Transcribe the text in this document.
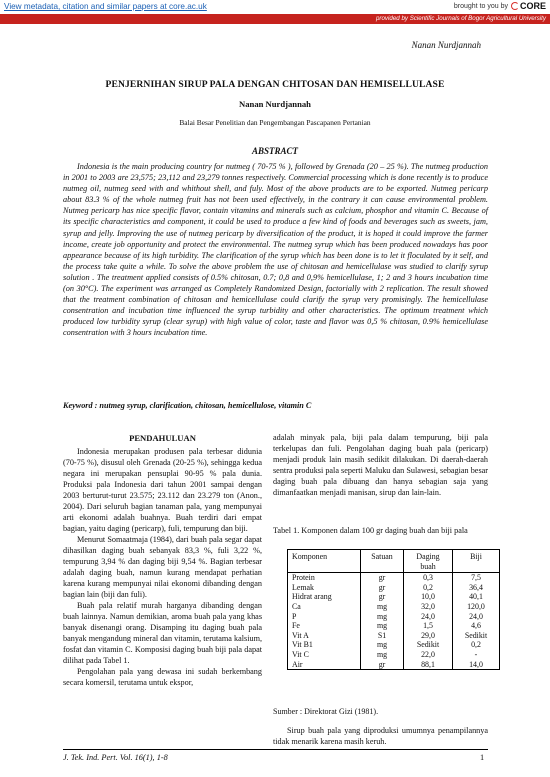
View metadata, citation and similar papers at core.ac.uk	brought to you by CORE
provided by Scientific Journals of Bogor Agricultural University
Nanan Nurdjannah
PENJERNIHAN SIRUP PALA DENGAN CHITOSAN DAN HEMISELLULASE
Nanan Nurdjannah
Balai Besar Penelitian dan Pengembangan Pascapanen Pertanian
ABSTRACT
Indonesia is the main producing country for nutmeg ( 70-75 % ), followed by Grenada (20 – 25 %). The nutmeg production in 2001 to 2003 are 23,575; 23,112 and 23,279 tonnes respectively. Commercial processing which is done recently is to produce nutmeg oil, nutmeg seed with and whithout shell, and fuly. Most of the above products are to be exported. Nutmeg pericarp about 83.3 % of the whole nutmeg fruit has not been used effectively, in the contrary it can cause environmental problem. Nutmeg pericarp has nice specific flavor, contain vitamins and minerals such as calcium, phosphor and vitamin C. Because of its specific characteristics and component, it could be used to produce a few kind of foods and beverages such as sweets, jam, syrup and jelly. Improving the use of nutmeg pericarp by diversification of the product, it is hoped it could improve the farmer income, create job opportunity and protect the environmental. The nutmeg syrup which has been produced nowadays has poor appearance because of its high turbidity. The clarification of the syrup which has been done is to let it floculated by it self, and the process take quite a while. To solve the above problem the use of chitosan and hemicellulase was studied to clarify syrup solution . The treatment applied consists of 0.5% chitosan, 0.7; 0,8 and 0,9% hemicellulase, 1; 2 and 3 hours incubation time (on 30°C). The experiment was arranged as Completely Randomized Design, factorially with 2 replication. The result showed that the treatment combination of chitosan and hemicellulase could clarify the syrup very promisingly. The hemicellulase consentration and incubation time influenced the syrup turbidity and other characteristics. The optimum treatment which produced low turbidity syrup (clear syrup) with high value of color, taste and flavor was 0,5 % chitosan, 0.9% hemicellulase consentration with 3 hours incubation time.
Keyword : nutmeg syrup, clarification, chitosan, hemicellulose, vitamin C
PENDAHULUAN

Indonesia merupakan produsen pala terbesar didunia (70-75 %), disusul oleh Grenada (20-25 %), sehingga kedua negara ini merupakan pensuplai 90-95 % pala dunia. Produksi pala Indonesia dari tahun 2001 sampai dengan 2003 berturut-turut 23.575; 23.112 dan 23.279 ton (Anon., 2004). Dari seluruh bagian tanaman pala, yang mempunyai arti ekonomi adalah buahnya. Buah terdiri dari empat bagian, yaitu daging (pericarp), fuli, tempurung dan biji.

Menurut Somaatmaja (1984), dari buah pala segar dapat dihasilkan daging buah sebanyak 83,3 %, fuli 3,22 %, tempurung 3,94 % dan daging biji 9,54 %. Bagian terbesar adalah daging buah, namun kurang mendapat perhatian karena kurang mempunyai nilai ekonomi dibanding dengan bagian lain (biji dan fuli).

Buah pala relatif murah harganya dibanding dengan buah lainnya. Namun demikian, aroma buah pala yang khas banyak disenangi orang. Disamping itu daging buah pala banyak mengandung mineral dan vitamin, terutama kalsium, fosfat dan vitamin C. Komposisi daging buah biji pala dapat dilihat pada Tabel 1.

Pengolahan pala yang dewasa ini sudah berkembang secara komersil, terutama untuk ekspor,

adalah minyak pala, biji pala dalam tempurung, biji pala terkelupas dan fuli. Pengolahan daging buah pala (pericarp) menjadi produk lain masih sedikit dilakukan. Di daerah-daerah sentra produksi pala seperti Maluku dan Sulawesi, sebagian besar daging buah pala dibuang dan hanya sebagian saja yang dimanfaatkan menjadi manisan, sirup dan lain-lain.

Tabel 1. Komponen dalam 100 gr daging buah dan biji pala
Komponen	Satuan	Daging buah	Biji
Protein	gr	0,3	7,5
Lemak	gr	0,2	36,4
Hidrat arang	gr	10,0	40,1
Ca	mg	32,0	120,0
P	mg	24,0	24,0
Fe	mg	1,5	4,6
Vit A	S1	29,0	Sedikit
Vit B1	mg	Sedikit	0,2
Vit C	mg	22,0	-
Air	gr	88,1	14,0
Sumber : Direktorat Gizi (1981).
Sirup buah pala yang diproduksi umumnya penampilannya tidak menarik karena masih keruh.
J. Tek. Ind. Pert. Vol. 16(1), 1-8	1
